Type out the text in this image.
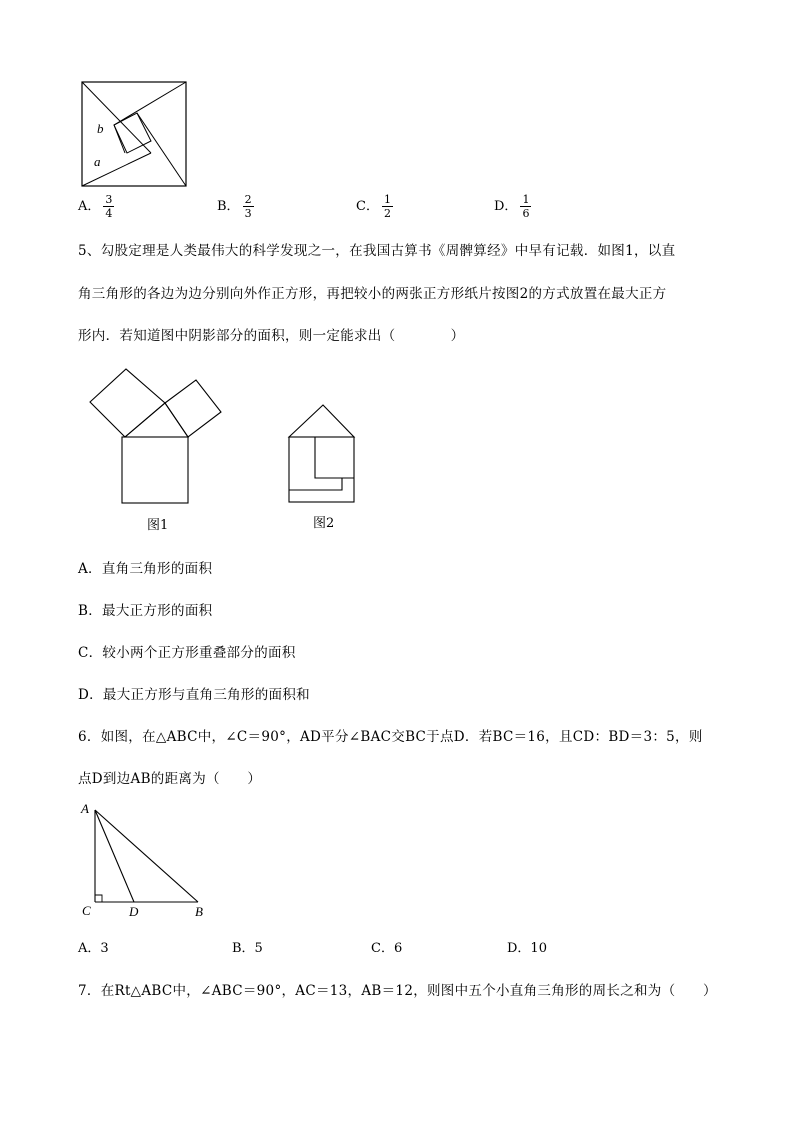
b
a
A． $\frac{3}{4}$	B． $\frac{2}{3}$	C． $\frac{1}{2}$	D． $\frac{1}{6}$
5、勾股定理是人类最伟大的科学发现之一，在我国古算书《周髀算经》中早有记载．如图1，以直
角三角形的各边为边分别向外作正方形，再把较小的两张正方形纸片按图2的方式放置在最大正方
形内．若知道图中阴影部分的面积，则一定能求出（　　　　）
图1	图2
A．直角三角形的面积
B．最大正方形的面积
C．较小两个正方形重叠部分的面积
D．最大正方形与直角三角形的面积和
6．如图，在△ABC中，∠C＝90°，AD平分∠BAC交BC于点D．若BC＝16，且CD：BD＝3：5，则
点D到边AB的距离为（　　）
A
C	D	B
A．3	B．5	C．6	D．10
7．在Rt△ABC中，∠ABC＝90°，AC＝13，AB＝12，则图中五个小直角三角形的周长之和为（　　）
